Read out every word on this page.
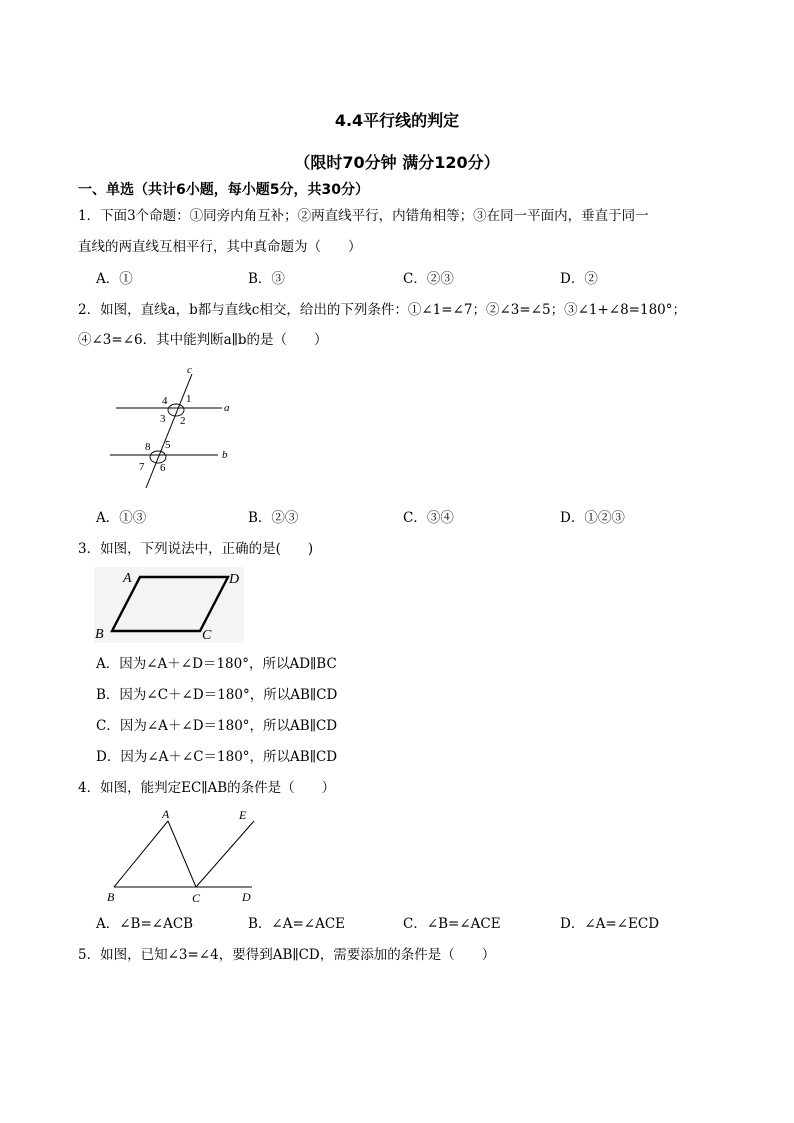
4.4平行线的判定
（限时70分钟 满分120分）
一、单选（共计6小题，每小题5分，共30分）
1．下面3个命题：①同旁内角互补；②两直线平行，内错角相等；③在同一平面内，垂直于同一
直线的两直线互相平行，其中真命题为（　　）
A．①	B．③	C．②③	D．②
2．如图，直线a，b都与直线c相交，给出的下列条件：①∠1=∠7；②∠3=∠5；③∠1+∠8=180°；
④∠3=∠6．其中能判断a∥b的是（　　）
c
a
b
4 1
3 2
8 5
7 6
A．①③	B．②③	C．③④	D．①②③
3．如图，下列说法中，正确的是(　　)
A	D
B	C
A．因为∠A＋∠D＝180°，所以AD∥BC
B．因为∠C＋∠D＝180°，所以AB∥CD
C．因为∠A＋∠D＝180°，所以AB∥CD
D．因为∠A＋∠C＝180°，所以AB∥CD
4．如图，能判定EC∥AB的条件是（　　）
A	E
B	C	D
A．∠B=∠ACB	B．∠A=∠ACE	C．∠B=∠ACE	D．∠A=∠ECD
5．如图，已知∠3=∠4，要得到AB∥CD，需要添加的条件是（　　）
